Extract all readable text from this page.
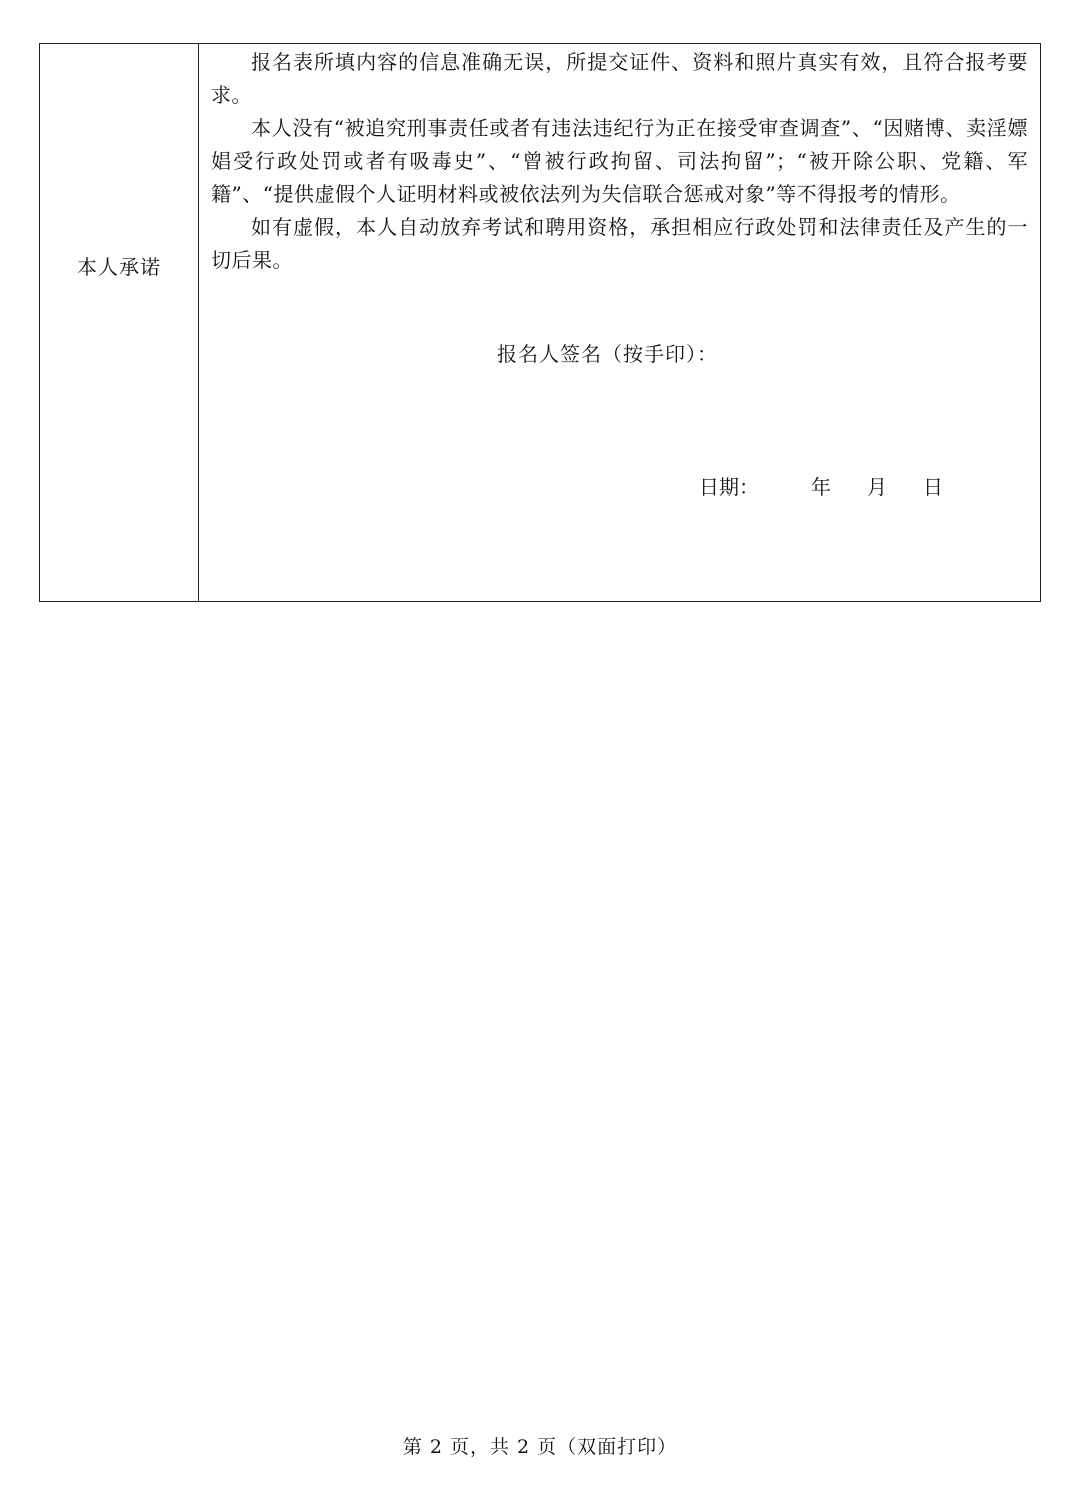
本人承诺

报名表所填内容的信息准确无误，所提交证件、资料和照片真实有效，且符合报考要求。

本人没有“被追究刑事责任或者有违法违纪行为正在接受审查调查”、“因赌博、卖淫嫖娼受行政处罚或者有吸毒史”、“曾被行政拘留、司法拘留”；“被开除公职、党籍、军籍”、“提供虚假个人证明材料或被依法列为失信联合惩戒对象”等不得报考的情形。

如有虚假，本人自动放弃考试和聘用资格，承担相应行政处罚和法律责任及产生的一切后果。

报名人签名（按手印）：
日期：	年	月	日
第 2 页，共 2 页（双面打印）
